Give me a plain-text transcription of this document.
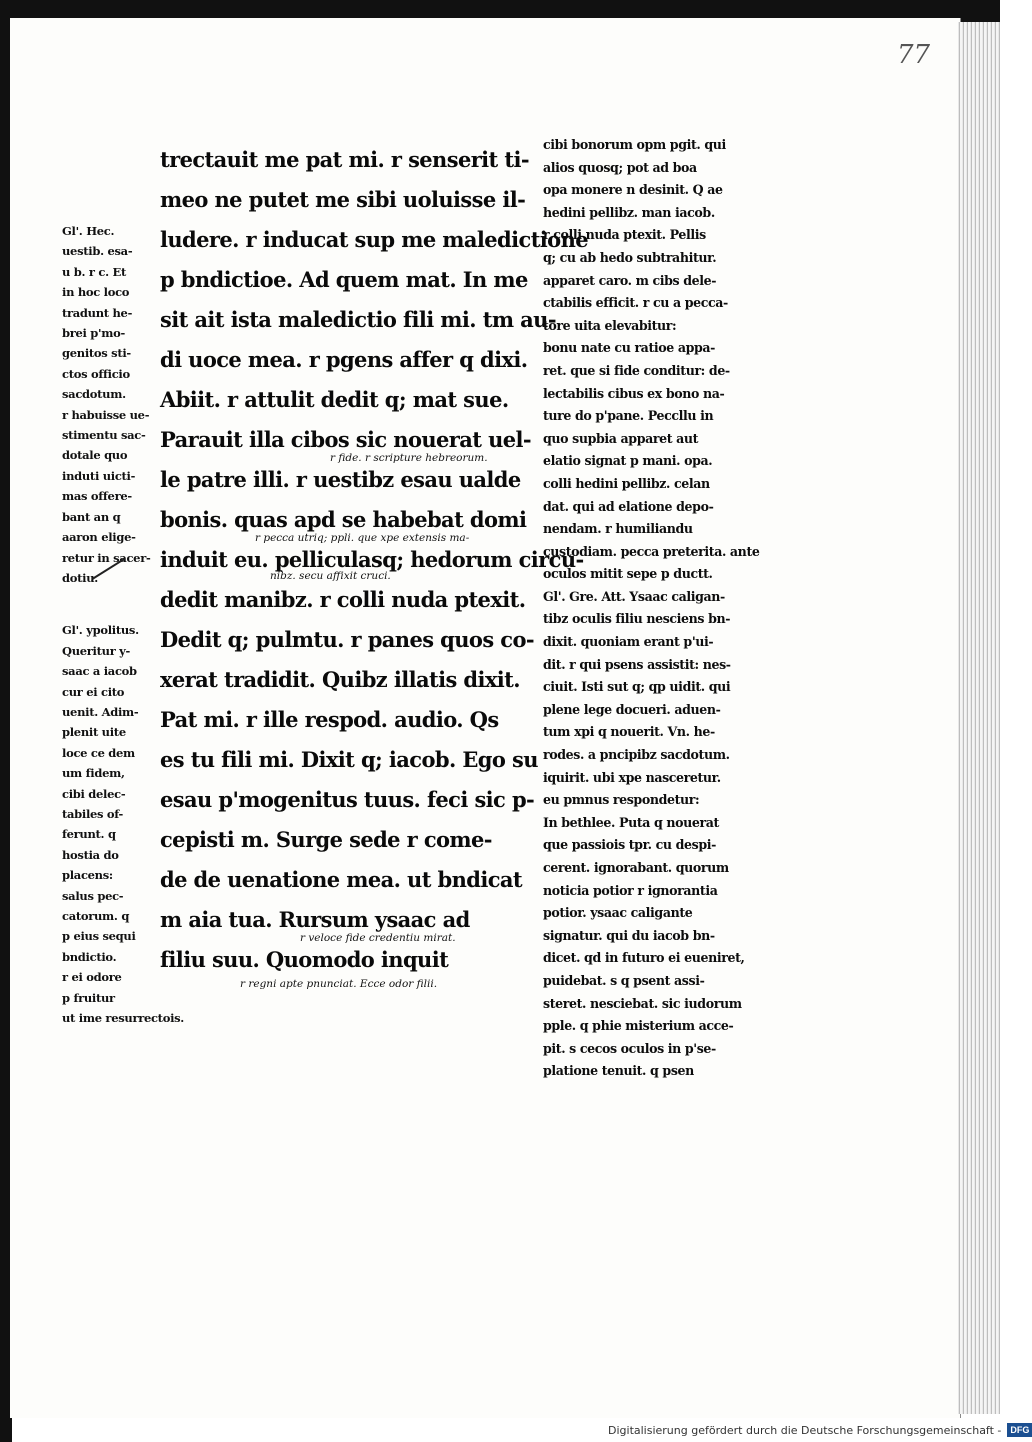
77
Gl'. Hec.
uestib. esa-
u b. r c. Et
in hoc loco
tradunt he-
brei p'mo-
genitos sti-
ctos officio
sacdotum.
r habuisse ue-
stimentu sac-
dotale quo
induti uicti-
mas offere-
bant an q
aaron elige-
retur in sacer-
dotiu.
Gl'. ypolitus.
Queritur y-
saac a iacob
cur ei cito
uenit. Adim-
plenit uite
loce ce dem
um fidem,
cibi delec-
tabiles of-
ferunt. q
hostia do
placens:
salus pec-
catorum. q
p eius sequi
bndictio.
r ei odore
p fruitur
ut ime resurrectois.
trectauit me pat mi. r senserit ti-
meo ne putet me sibi uoluisse il-
ludere. r inducat sup me maledictione
p bndictioe. Ad quem mat. In me
sit ait ista maledictio fili mi. tm au-
di uoce mea. r pgens affer q dixi.
Abiit. r attulit dedit q; mat sue.
Parauit illa cibos sic nouerat uel-
le patre illi. r uestibz esau ualde
bonis. quas apd se habebat domi
induit eu. pelliculasq; hedorum circu-
dedit manibz. r colli nuda ptexit.
Dedit q; pulmtu. r panes quos co-
xerat tradidit. Quibz illatis dixit.
Pat mi. r ille respod. audio. Qs
es tu fili mi. Dixit q; iacob. Ego su
esau p'mogenitus tuus. feci sic p-
cepisti m. Surge sede r come-
de de uenatione mea. ut bndicat
m aia tua. Rursum ysaac ad
filiu suu. Quomodo inquit
r fide. r scripture hebreorum.
r pecca utriq; ppli. que xpe extensis ma-
nibz. secu affixit cruci.
r veloce fide credentiu mirat.
r regni apte pnunciat. Ecce odor filii.
cibi bonorum opm pgit. qui
alios quosq; pot ad boa
opa monere n desinit. Q ae
hedini pellibz. man iacob.
r colli nuda ptexit. Pellis
q; cu ab hedo subtrahitur.
apparet caro. m cibs dele-
ctabilis efficit. r cu a pecca-
tore uita elevabitur:
bonu nate cu ratioe appa-
ret. que si fide conditur: de-
lectabilis cibus ex bono na-
ture do p'pane. Peccllu in
quo supbia apparet aut
elatio signat p mani. opa.
colli hedini pellibz. celan
dat. qui ad elatione depo-
nendam. r humiliandu
custodiam. pecca preterita. ante
oculos mitit sepe p ductt.
Gl'. Gre. Att. Ysaac caligan-
tibz oculis filiu nesciens bn-
dixit. quoniam erant p'ui-
dit. r qui psens assistit: nes-
ciuit. Isti sut q; qp uidit. qui
plene lege docueri. aduen-
tum xpi q nouerit. Vn. he-
rodes. a pncipibz sacdotum.
iquirit. ubi xpe nasceretur.
eu pmnus respondetur:
In bethlee. Puta q nouerat
que passiois tpr. cu despi-
cerent. ignorabant. quorum
noticia potior r ignorantia
potior. ysaac caligante
signatur. qui du iacob bn-
dicet. qd in futuro ei eueniret,
puidebat. s q psent assi-
steret. nesciebat. sic iudorum
pple. q phie misterium acce-
pit. s cecos oculos in p'se-
platione tenuit. q psen
Digitalisierung gefördert durch die Deutsche Forschungsgemeinschaft -	DFG
